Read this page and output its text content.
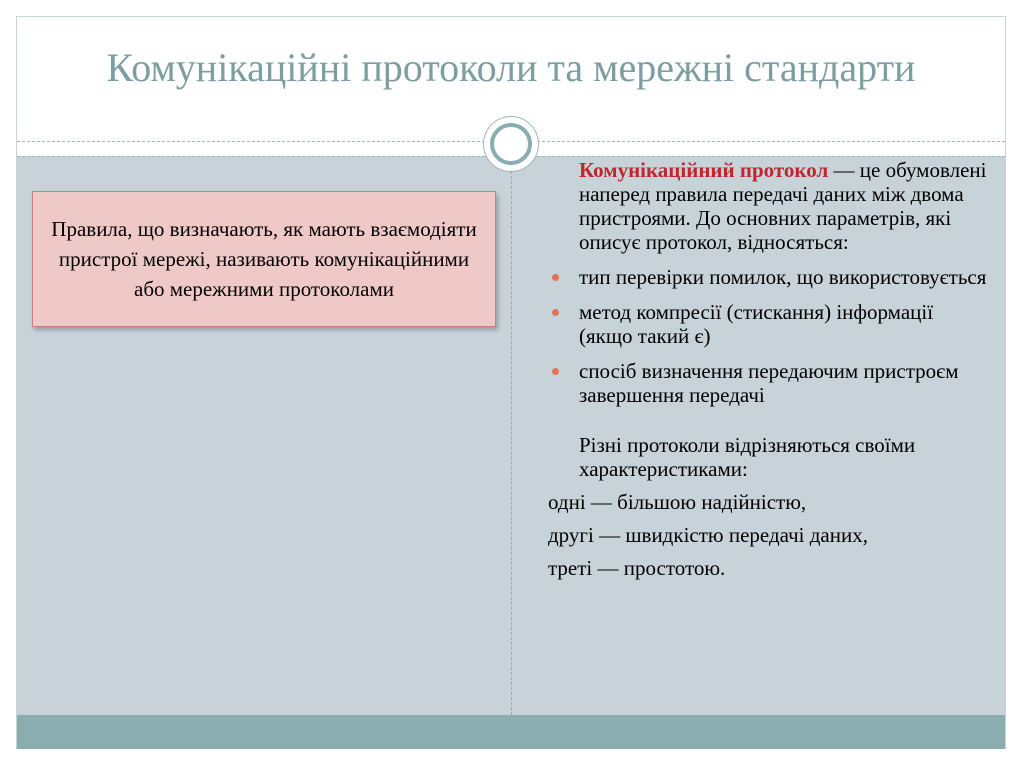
Комунікаційні протоколи та мережні стандарти

Правила, що визначають, як мають взаємодіяти пристрої мережі, називають комунікаційними або мережними протоколами

Комунікаційний протокол — це обумовлені наперед правила передачі даних між двома пристроями. До основних параметрів, які описує протокол, відносяться:

тип перевірки помилок, що використовується
метод компресії (стискання) інформації (якщо такий є)
спосіб визначення передаючим пристроєм завершення передачі

Різні протоколи відрізняються своїми характеристиками:

одні — більшою надійністю,

другі — швидкістю передачі даних,

треті — простотою.
